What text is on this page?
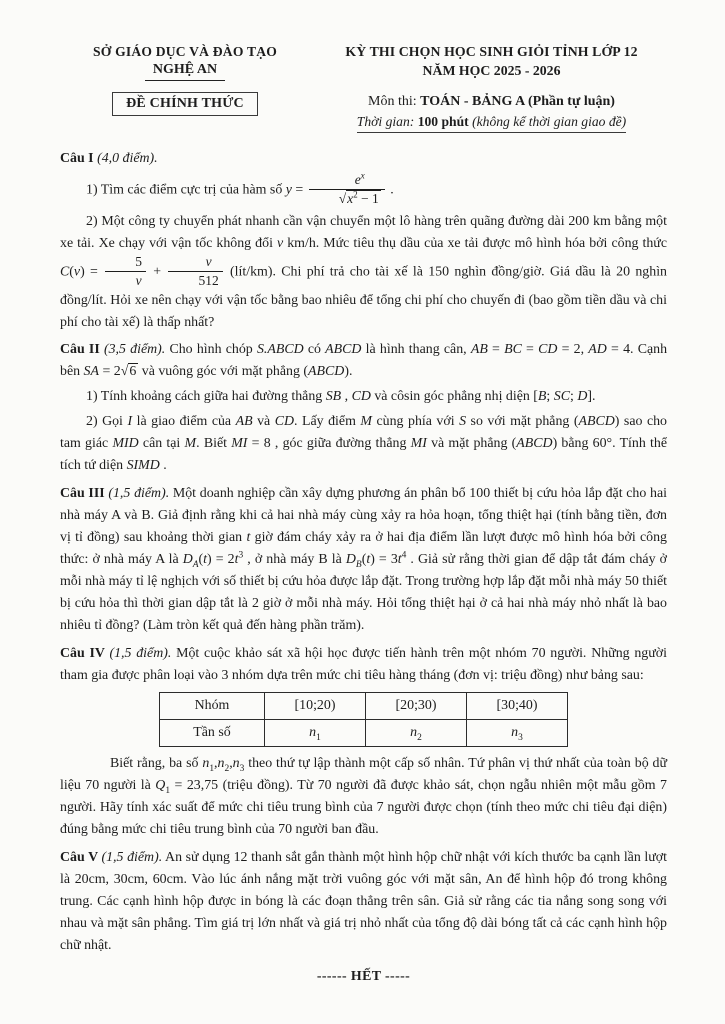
SỞ GIÁO DỤC VÀ ĐÀO TẠO
NGHỆ AN
ĐỀ CHÍNH THỨC
KỲ THI CHỌN HỌC SINH GIỎI TỈNH LỚP 12
NĂM HỌC 2025 - 2026
Môn thi: TOÁN - BẢNG A (Phần tự luận)
Thời gian: 100 phút (không kể thời gian giao đề)

Câu I (4,0 điểm).

1) Tìm các điểm cực trị của hàm số $y = \frac{e^x}{√x^2 - 1}$ .

2) Một công ty chuyển phát nhanh cần vận chuyển một lô hàng trên quãng đường dài 200 km bằng một xe tải. Xe chạy với vận tốc không đổi v km/h. Mức tiêu thụ dầu của xe tải được mô hình hóa bởi công thức $C(v) = \frac{5}{v} + \frac{v}{512}$ (lít/km). Chi phí trả cho tài xế là 150 nghìn đồng/giờ. Giá dầu là 20 nghìn đồng/lít. Hỏi xe nên chạy với vận tốc bằng bao nhiêu để tổng chi phí cho chuyến đi (bao gồm tiền dầu và chi phí cho tài xế) là thấp nhất?

Câu II (3,5 điểm). Cho hình chóp S.ABCD có ABCD là hình thang cân, AB = BC = CD = 2, AD = 4. Cạnh bên SA = 2√6 và vuông góc với mặt phẳng (ABCD).

1) Tính khoảng cách giữa hai đường thẳng SB , CD và côsin góc phẳng nhị diện [B; SC; D].

2) Gọi I là giao điểm của AB và CD. Lấy điểm M cùng phía với S so với mặt phẳng (ABCD) sao cho tam giác MID cân tại M. Biết MI = 8 , góc giữa đường thẳng MI và mặt phẳng (ABCD) bằng 60°. Tính thể tích tứ diện SIMD .

Câu III (1,5 điểm). Một doanh nghiệp cần xây dựng phương án phân bổ 100 thiết bị cứu hỏa lắp đặt cho hai nhà máy A và B. Giả định rằng khi cả hai nhà máy cùng xảy ra hỏa hoạn, tổng thiệt hại (tính bằng tiền, đơn vị tỉ đồng) sau khoảng thời gian t giờ đám cháy xảy ra ở hai địa điểm lần lượt được mô hình hóa bởi công thức: ở nhà máy A là $D_A(t) = 2t^3$ , ở nhà máy B là $D_B(t) = 3t^4$ . Giả sử rằng thời gian để dập tắt đám cháy ở mỗi nhà máy tỉ lệ nghịch với số thiết bị cứu hỏa được lắp đặt. Trong trường hợp lắp đặt mỗi nhà máy 50 thiết bị cứu hỏa thì thời gian dập tắt là 2 giờ ở mỗi nhà máy. Hỏi tổng thiệt hại ở cả hai nhà máy nhỏ nhất là bao nhiêu tỉ đồng? (Làm tròn kết quả đến hàng phần trăm).

Câu IV (1,5 điểm). Một cuộc khảo sát xã hội học được tiến hành trên một nhóm 70 người. Những người tham gia được phân loại vào 3 nhóm dựa trên mức chi tiêu hàng tháng (đơn vị: triệu đồng) như bảng sau:

Nhóm	[10;20)	[20;30)	[30;40)
Tần số	$n_1$	$n_2$	$n_3$

Biết rằng, ba số $n_1,n_2,n_3$ theo thứ tự lập thành một cấp số nhân. Tứ phân vị thứ nhất của toàn bộ dữ liệu 70 người là $Q_1 = 23,75$ (triệu đồng). Từ 70 người đã được khảo sát, chọn ngẫu nhiên một mẫu gồm 7 người. Hãy tính xác suất để mức chi tiêu trung bình của 7 người được chọn (tính theo mức chi tiêu đại diện) đúng bằng mức chi tiêu trung bình của 70 người ban đầu.

Câu V (1,5 điểm). An sử dụng 12 thanh sắt gắn thành một hình hộp chữ nhật với kích thước ba cạnh lần lượt là 20cm, 30cm, 60cm. Vào lúc ánh nắng mặt trời vuông góc với mặt sân, An để hình hộp đó trong không trung. Các cạnh hình hộp được in bóng là các đoạn thẳng trên sân. Giả sử rằng các tia nắng song song với nhau và mặt sân phẳng. Tìm giá trị lớn nhất và giá trị nhỏ nhất của tổng độ dài bóng tất cả các cạnh hình hộp chữ nhật.

------ HẾT -----
